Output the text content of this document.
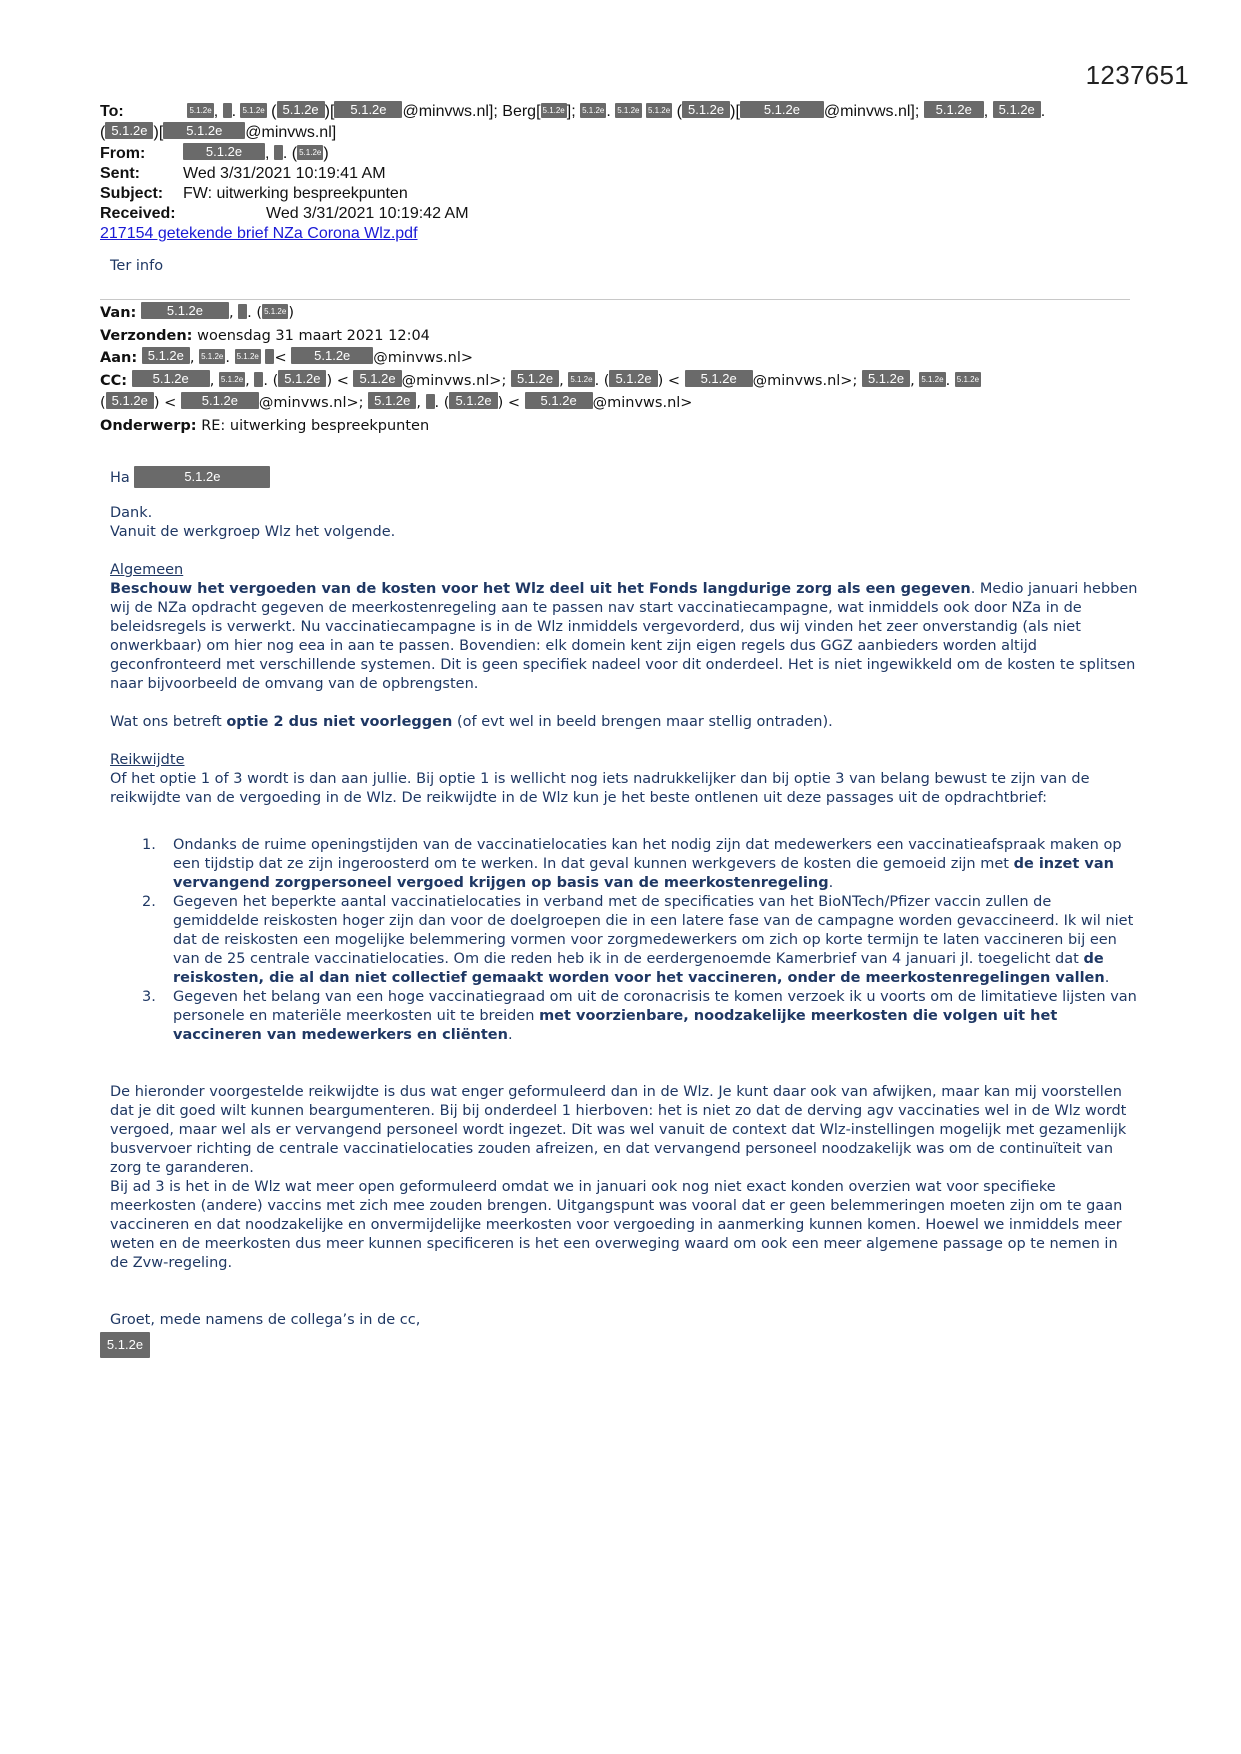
1237651
To:	5.1.2e , . 5.1.2e ( 5.1.2e )[ 5.1.2e @minvws.nl]; Berg[ 5.1.2e ]; 5.1.2e . 5.1.2e 5.1.2e ( 5.1.2e )[ 5.1.2e @minvws.nl]; 5.1.2e , 5.1.2e .
( 5.1.2e )[ 5.1.2e @minvws.nl]
From:	5.1.2e , . ( 5.1.2e )
Sent:	Wed 3/31/2021 10:19:41 AM
Subject: FW: uitwerking bespreekpunten
Received:	Wed 3/31/2021 10:19:42 AM
217154 getekende brief NZa Corona Wlz.pdf
Ter info
Van: 5.1.2e , . ( 5.1.2e )
Verzonden: woensdag 31 maart 2021 12:04
Aan: 5.1.2e , 5.1.2e . 5.1.2e < 5.1.2e @minvws.nl>
CC: 5.1.2e , 5.1.2e , . ( 5.1.2e ) < 5.1.2e @minvws.nl>; 5.1.2e , 5.1.2e . ( 5.1.2e ) < 5.1.2e @minvws.nl>; 5.1.2e , 5.1.2e . 5.1.2e
( 5.1.2e ) < 5.1.2e @minvws.nl>; 5.1.2e , . ( 5.1.2e ) < 5.1.2e @minvws.nl>
Onderwerp: RE: uitwerking bespreekpunten
Ha	5.1.2e

Dank.

Vanuit de werkgroep Wlz het volgende.

Algemeen

Beschouw het vergoeden van de kosten voor het Wlz deel uit het Fonds langdurige zorg als een gegeven. Medio januari hebben wij de NZa opdracht gegeven de meerkostenregeling aan te passen nav start vaccinatiecampagne, wat inmiddels ook door NZa in de beleidsregels is verwerkt. Nu vaccinatiecampagne is in de Wlz inmiddels vergevorderd, dus wij vinden het zeer onverstandig (als niet onwerkbaar) om hier nog eea in aan te passen. Bovendien: elk domein kent zijn eigen regels dus GGZ aanbieders worden altijd geconfronteerd met verschillende systemen. Dit is geen specifiek nadeel voor dit onderdeel. Het is niet ingewikkeld om de kosten te splitsen naar bijvoorbeeld de omvang van de opbrengsten.

Wat ons betreft optie 2 dus niet voorleggen (of evt wel in beeld brengen maar stellig ontraden).

Reikwijdte

Of het optie 1 of 3 wordt is dan aan jullie. Bij optie 1 is wellicht nog iets nadrukkelijker dan bij optie 3 van belang bewust te zijn van de reikwijdte van de vergoeding in de Wlz. De reikwijdte in de Wlz kun je het beste ontlenen uit deze passages uit de opdrachtbrief:

1. Ondanks de ruime openingstijden van de vaccinatielocaties kan het nodig zijn dat medewerkers een vaccinatieafspraak maken op een tijdstip dat ze zijn ingeroosterd om te werken. In dat geval kunnen werkgevers de kosten die gemoeid zijn met de inzet van vervangend zorgpersoneel vergoed krijgen op basis van de meerkostenregeling.
2. Gegeven het beperkte aantal vaccinatielocaties in verband met de specificaties van het BioNTech/Pfizer vaccin zullen de gemiddelde reiskosten hoger zijn dan voor de doelgroepen die in een latere fase van de campagne worden gevaccineerd. Ik wil niet dat de reiskosten een mogelijke belemmering vormen voor zorgmedewerkers om zich op korte termijn te laten vaccineren bij een van de 25 centrale vaccinatielocaties. Om die reden heb ik in de eerdergenoemde Kamerbrief van 4 januari jl. toegelicht dat de reiskosten, die al dan niet collectief gemaakt worden voor het vaccineren, onder de meerkostenregelingen vallen.
3. Gegeven het belang van een hoge vaccinatiegraad om uit de coronacrisis te komen verzoek ik u voorts om de limitatieve lijsten van personele en materiële meerkosten uit te breiden met voorzienbare, noodzakelijke meerkosten die volgen uit het vaccineren van medewerkers en cliënten.

De hieronder voorgestelde reikwijdte is dus wat enger geformuleerd dan in de Wlz. Je kunt daar ook van afwijken, maar kan mij voorstellen dat je dit goed wilt kunnen beargumenteren. Bij bij onderdeel 1 hierboven: het is niet zo dat de derving agv vaccinaties wel in de Wlz wordt vergoed, maar wel als er vervangend personeel wordt ingezet. Dit was wel vanuit de context dat Wlz-instellingen mogelijk met gezamenlijk busvervoer richting de centrale vaccinatielocaties zouden afreizen, en dat vervangend personeel noodzakelijk was om de continuïteit van zorg te garanderen.

Bij ad 3 is het in de Wlz wat meer open geformuleerd omdat we in januari ook nog niet exact konden overzien wat voor specifieke meerkosten (andere) vaccins met zich mee zouden brengen. Uitgangspunt was vooral dat er geen belemmeringen moeten zijn om te gaan vaccineren en dat noodzakelijke en onvermijdelijke meerkosten voor vergoeding in aanmerking kunnen komen. Hoewel we inmiddels meer weten en de meerkosten dus meer kunnen specificeren is het een overweging waard om ook een meer algemene passage op te nemen in de Zvw-regeling.

Groet, mede namens de collega’s in de cc,

5.1.2e
